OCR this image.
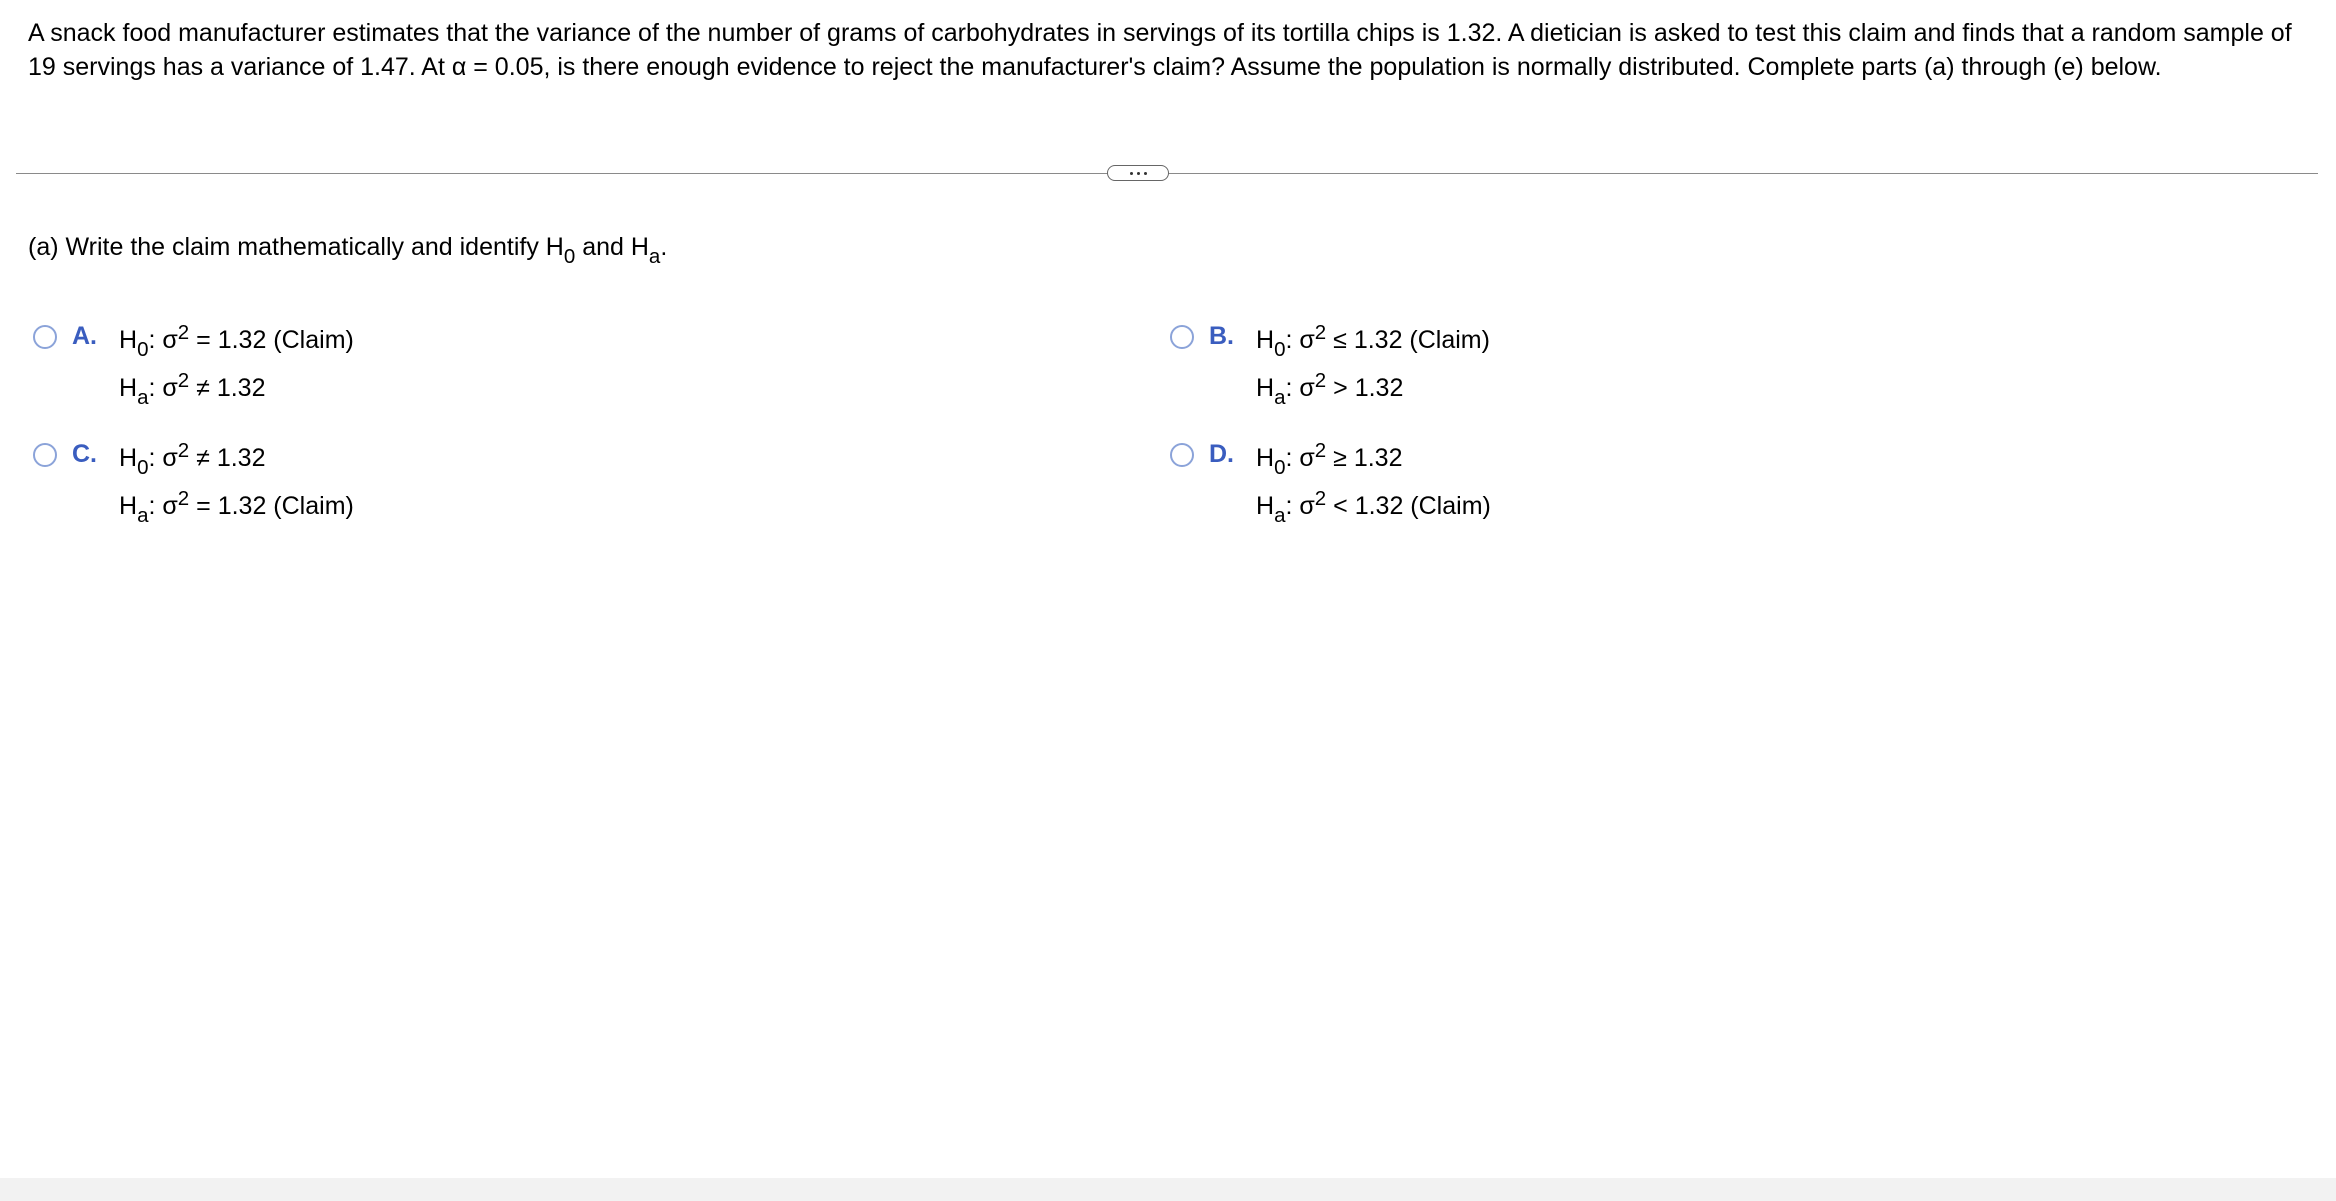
A snack food manufacturer estimates that the variance of the number of grams of carbohydrates in servings of its tortilla chips is 1.32. A dietician is asked to test this claim and finds that a random sample of 19 servings has a variance of 1.47. At α = 0.05, is there enough evidence to reject the manufacturer's claim? Assume the population is normally distributed. Complete parts (a) through (e) below.
(a) Write the claim mathematically and identify $H_0$ and $H_a$.
A. $H_0$: $\sigma^2 = 1.32$ (Claim)
$H_a$: $\sigma^2 \ne 1.32$
B. $H_0$: $\sigma^2 \le 1.32$ (Claim)
$H_a$: $\sigma^2 > 1.32$
C. $H_0$: $\sigma^2 \ne 1.32$
$H_a$: $\sigma^2 = 1.32$ (Claim)
D. $H_0$: $\sigma^2 \ge 1.32$
$H_a$: $\sigma^2 < 1.32$ (Claim)
